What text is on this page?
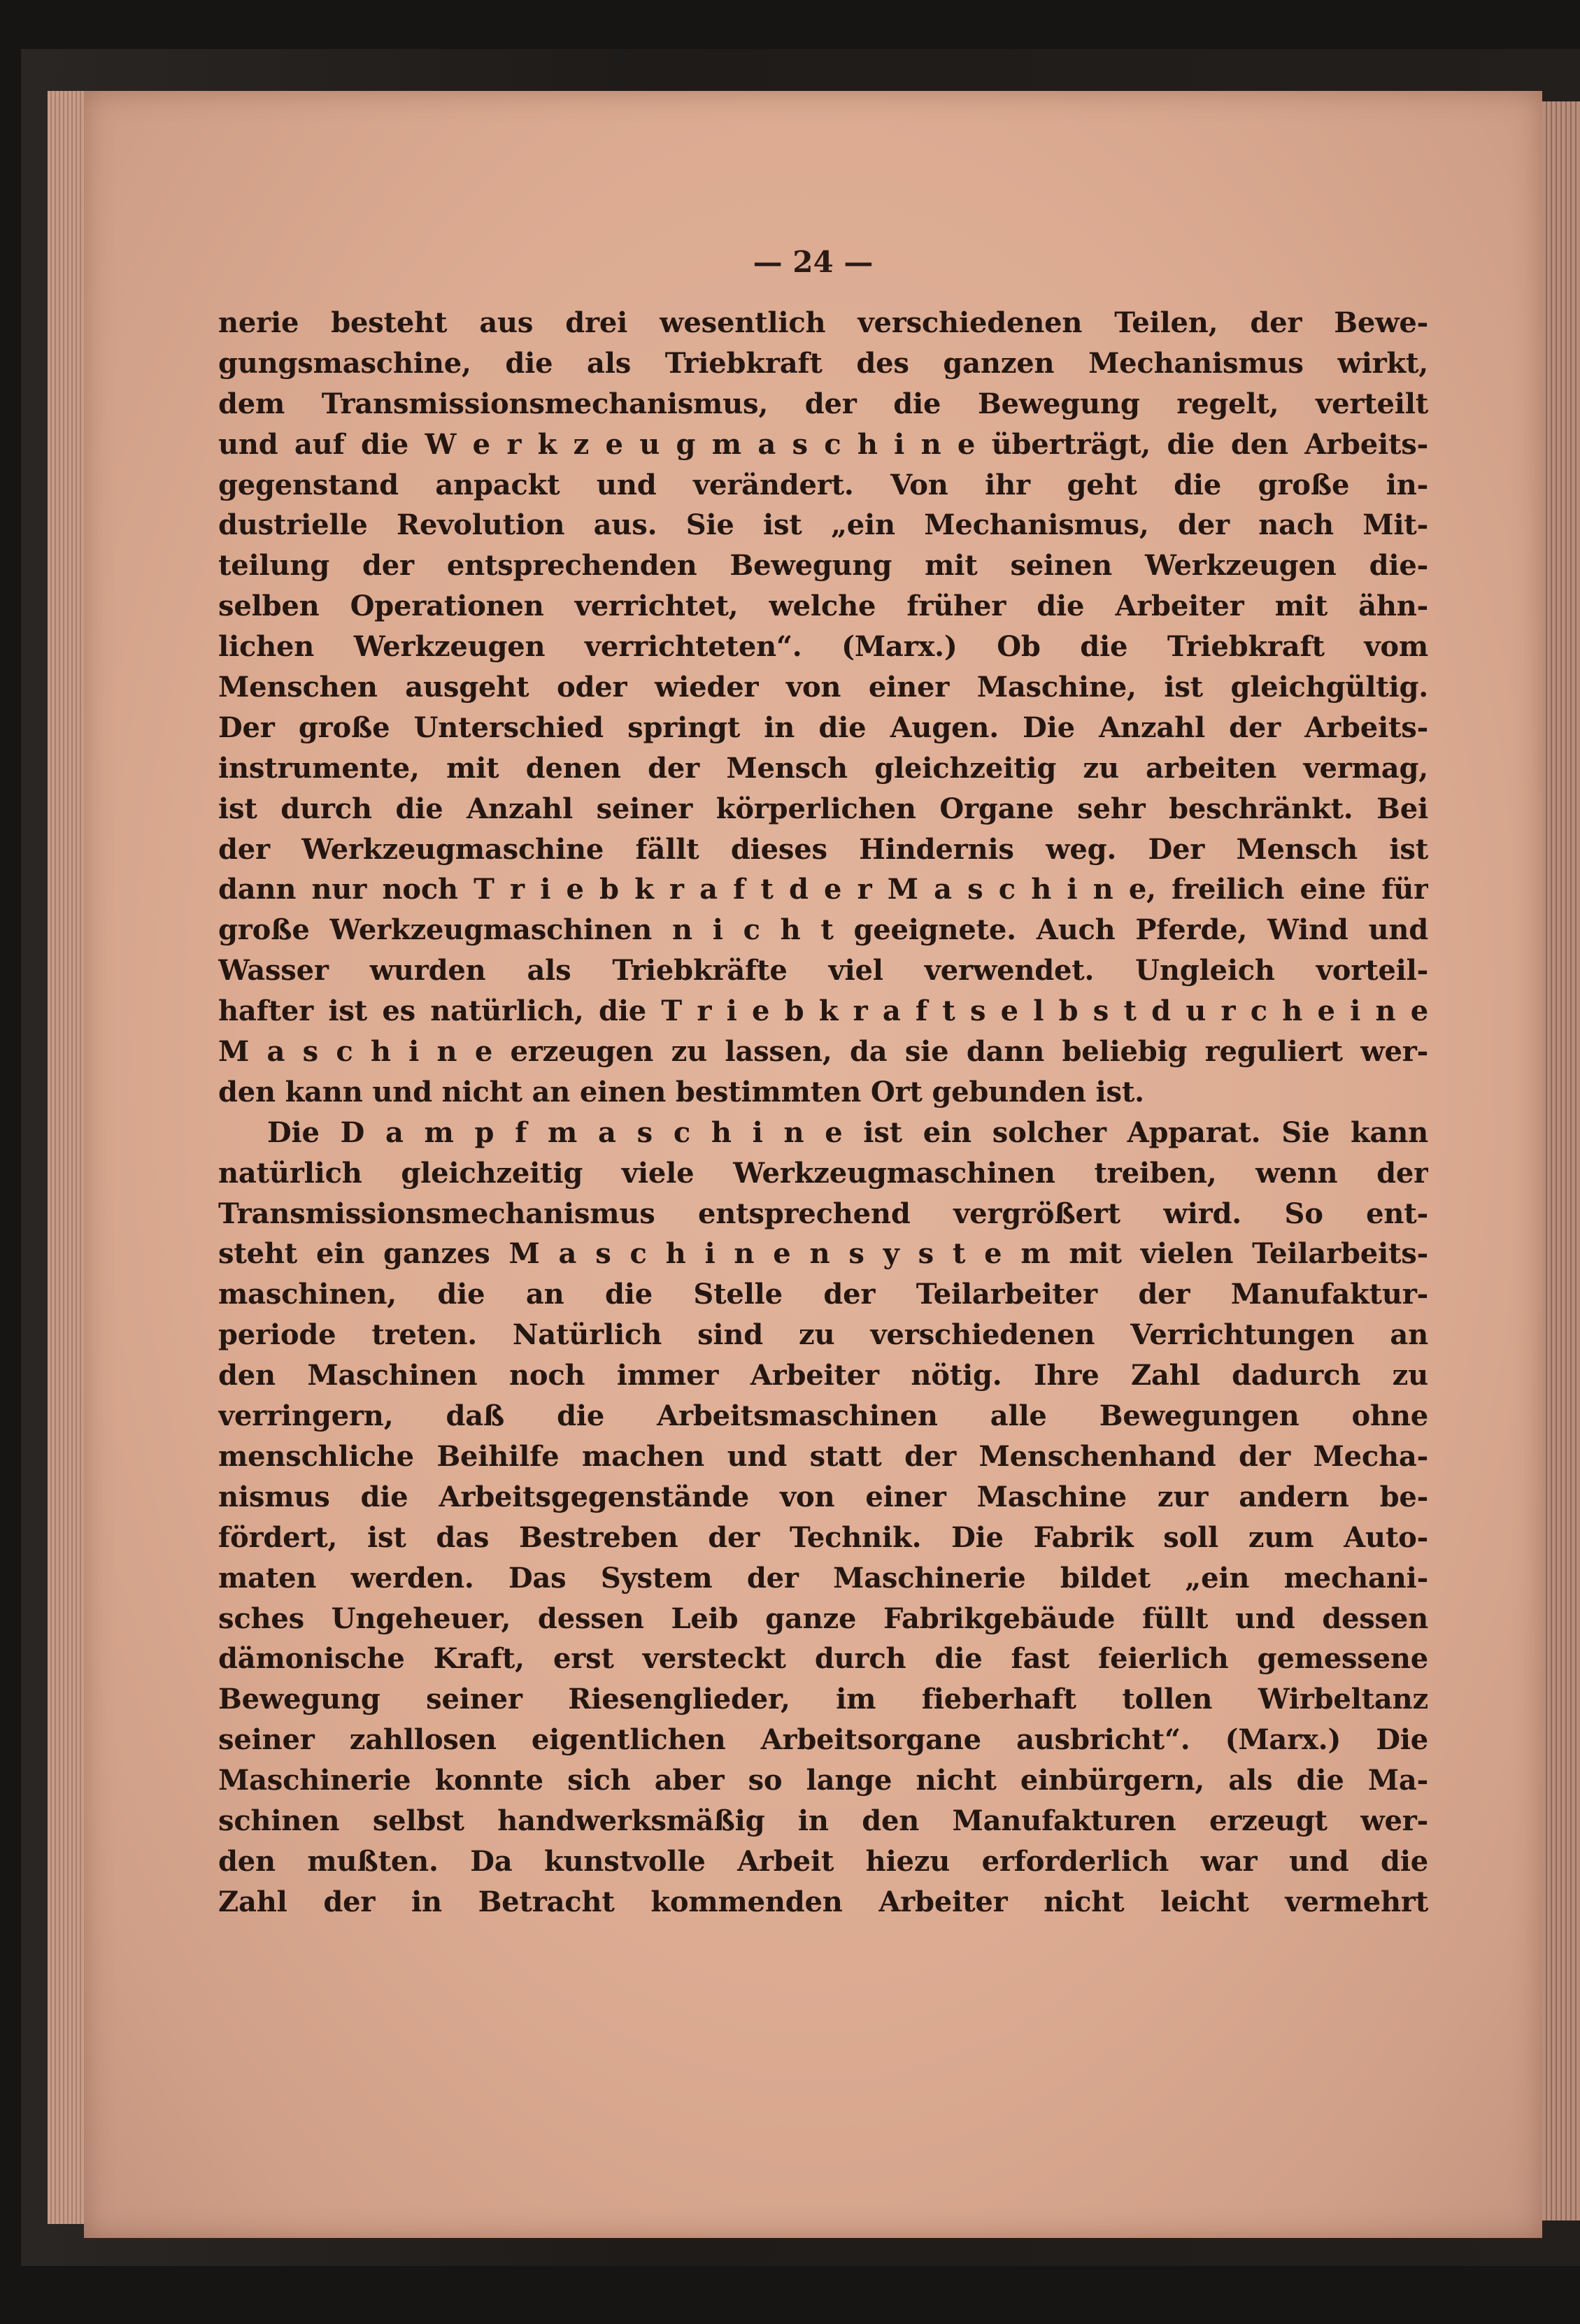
— 24 —
nerie besteht aus drei wesentlich verschiedenen Teilen, der Bewe-
gungsmaschine, die als Triebkraft des ganzen Mechanismus wirkt,
dem Transmissionsmechanismus, der die Bewegung regelt, verteilt
und auf die W e r k z e u g m a s c h i n e überträgt, die den Arbeits-
gegenstand anpackt und verändert. Von ihr geht die große in-
dustrielle Revolution aus. Sie ist „ein Mechanismus, der nach Mit-
teilung der entsprechenden Bewegung mit seinen Werkzeugen die-
selben Operationen verrichtet, welche früher die Arbeiter mit ähn-
lichen Werkzeugen verrichteten“. (Marx.) Ob die Triebkraft vom
Menschen ausgeht oder wieder von einer Maschine, ist gleichgültig.
Der große Unterschied springt in die Augen. Die Anzahl der Arbeits-
instrumente, mit denen der Mensch gleichzeitig zu arbeiten vermag,
ist durch die Anzahl seiner körperlichen Organe sehr beschränkt. Bei
der Werkzeugmaschine fällt dieses Hindernis weg. Der Mensch ist
dann nur noch T r i e b k r a f t d e r M a s c h i n e, freilich eine für
große Werkzeugmaschinen n i c h t geeignete. Auch Pferde, Wind und
Wasser wurden als Triebkräfte viel verwendet. Ungleich vorteil-
hafter ist es natürlich, die T r i e b k r a f t s e l b s t d u r c h e i n e
M a s c h i n e erzeugen zu lassen, da sie dann beliebig reguliert wer-
den kann und nicht an einen bestimmten Ort gebunden ist.
Die D a m p f m a s c h i n e ist ein solcher Apparat. Sie kann
natürlich gleichzeitig viele Werkzeugmaschinen treiben, wenn der
Transmissionsmechanismus entsprechend vergrößert wird. So ent-
steht ein ganzes M a s c h i n e n s y s t e m mit vielen Teilarbeits-
maschinen, die an die Stelle der Teilarbeiter der Manufaktur-
periode treten. Natürlich sind zu verschiedenen Verrichtungen an
den Maschinen noch immer Arbeiter nötig. Ihre Zahl dadurch zu
verringern, daß die Arbeitsmaschinen alle Bewegungen ohne
menschliche Beihilfe machen und statt der Menschenhand der Mecha-
nismus die Arbeitsgegenstände von einer Maschine zur andern be-
fördert, ist das Bestreben der Technik. Die Fabrik soll zum Auto-
maten werden. Das System der Maschinerie bildet „ein mechani-
sches Ungeheuer, dessen Leib ganze Fabrikgebäude füllt und dessen
dämonische Kraft, erst versteckt durch die fast feierlich gemessene
Bewegung seiner Riesenglieder, im fieberhaft tollen Wirbeltanz
seiner zahllosen eigentlichen Arbeitsorgane ausbricht“. (Marx.) Die
Maschinerie konnte sich aber so lange nicht einbürgern, als die Ma-
schinen selbst handwerksmäßig in den Manufakturen erzeugt wer-
den mußten. Da kunstvolle Arbeit hiezu erforderlich war und die
Zahl der in Betracht kommenden Arbeiter nicht leicht vermehrt
